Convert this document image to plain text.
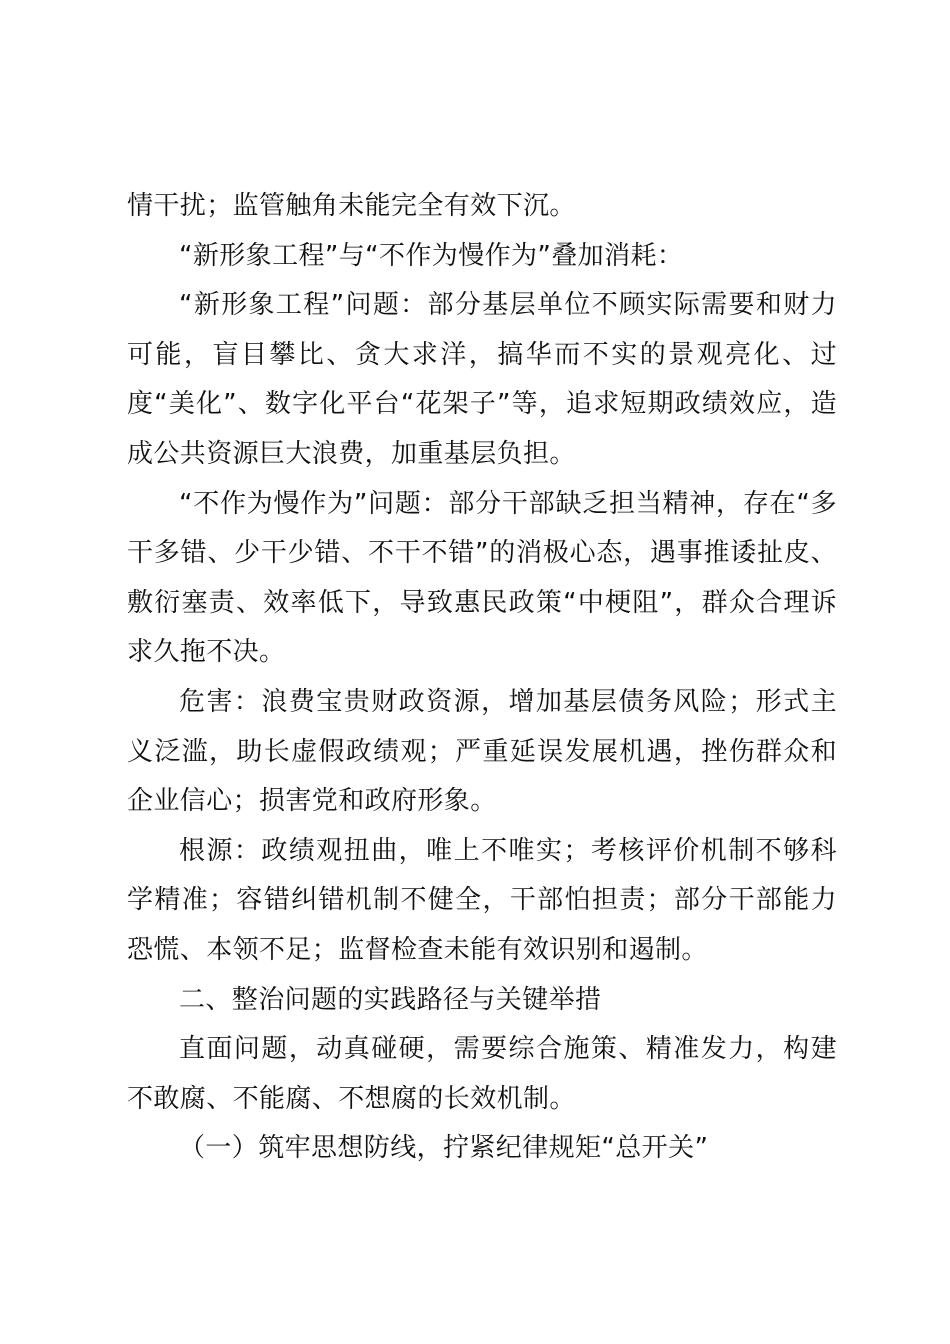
情干扰；监管触角未能完全有效下沉。

“新形象工程”与“不作为慢作为”叠加消耗：

“新形象工程”问题：部分基层单位不顾实际需要和财力可能，盲目攀比、贪大求洋，搞华而不实的景观亮化、过度“美化”、数字化平台“花架子”等，追求短期政绩效应，造成公共资源巨大浪费，加重基层负担。

“不作为慢作为”问题：部分干部缺乏担当精神，存在“多干多错、少干少错、不干不错”的消极心态，遇事推诿扯皮、敷衍塞责、效率低下，导致惠民政策“中梗阻”，群众合理诉求久拖不决。

危害：浪费宝贵财政资源，增加基层债务风险；形式主义泛滥，助长虚假政绩观；严重延误发展机遇，挫伤群众和企业信心；损害党和政府形象。

根源：政绩观扭曲，唯上不唯实；考核评价机制不够科学精准；容错纠错机制不健全，干部怕担责；部分干部能力恐慌、本领不足；监督检查未能有效识别和遏制。

二、整治问题的实践路径与关键举措

直面问题，动真碰硬，需要综合施策、精准发力，构建不敢腐、不能腐、不想腐的长效机制。

（一）筑牢思想防线，拧紧纪律规矩“总开关”
